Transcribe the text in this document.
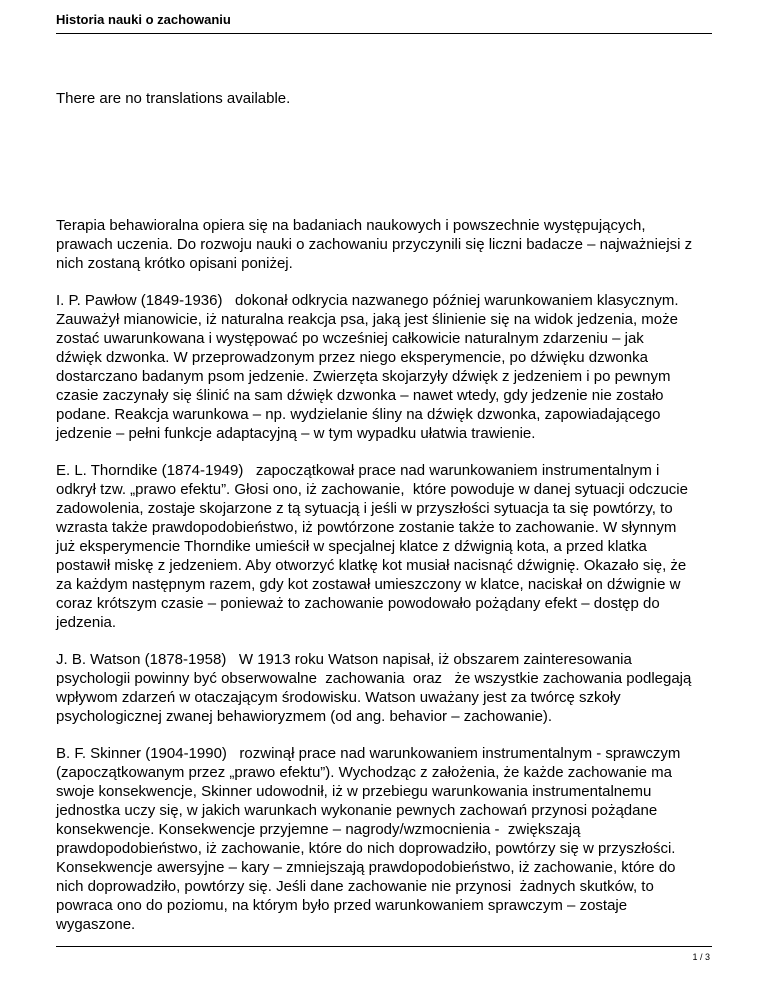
Historia nauki o zachowaniu
There are no translations available.

Terapia behawioralna opiera się na badaniach naukowych i powszechnie występujących,
prawach uczenia. Do rozwoju nauki o zachowaniu przyczynili się liczni badacze – najważniejsi z
nich zostaną krótko opisani poniżej.

I. P. Pawłow (1849-1936)   dokonał odkrycia nazwanego później warunkowaniem klasycznym.
Zauważył mianowicie, iż naturalna reakcja psa, jaką jest ślinienie się na widok jedzenia, może
zostać uwarunkowana i występować po wcześniej całkowicie naturalnym zdarzeniu – jak
dźwięk dzwonka. W przeprowadzonym przez niego eksperymencie, po dźwięku dzwonka
dostarczano badanym psom jedzenie. Zwierzęta skojarzyły dźwięk z jedzeniem i po pewnym
czasie zaczynały się ślinić na sam dźwięk dzwonka – nawet wtedy, gdy jedzenie nie zostało
podane. Reakcja warunkowa – np. wydzielanie śliny na dźwięk dzwonka, zapowiadającego
jedzenie – pełni funkcje adaptacyjną – w tym wypadku ułatwia trawienie.

E. L. Thorndike (1874-1949)   zapoczątkował prace nad warunkowaniem instrumentalnym i
odkrył tzw. „prawo efektu”. Głosi ono, iż zachowanie,  które powoduje w danej sytuacji odczucie
zadowolenia, zostaje skojarzone z tą sytuacją i jeśli w przyszłości sytuacja ta się powtórzy, to
wzrasta także prawdopodobieństwo, iż powtórzone zostanie także to zachowanie. W słynnym
już eksperymencie Thorndike umieścił w specjalnej klatce z dźwignią kota, a przed klatka
postawił miskę z jedzeniem. Aby otworzyć klatkę kot musiał nacisnąć dźwignię. Okazało się, że
za każdym następnym razem, gdy kot zostawał umieszczony w klatce, naciskał on dźwignie w
coraz krótszym czasie – ponieważ to zachowanie powodowało pożądany efekt – dostęp do
jedzenia.

J. B. Watson (1878-1958)   W 1913 roku Watson napisał, iż obszarem zainteresowania
psychologii powinny być obserwowalne  zachowania  oraz   że wszystkie zachowania podlegają
wpływom zdarzeń w otaczającym środowisku. Watson uważany jest za twórcę szkoły
psychologicznej zwanej behawioryzmem (od ang. behavior – zachowanie).

B. F. Skinner (1904-1990)   rozwinął prace nad warunkowaniem instrumentalnym - sprawczym
(zapoczątkowanym przez „prawo efektu”). Wychodząc z założenia, że każde zachowanie ma
swoje konsekwencje, Skinner udowodnił, iż w przebiegu warunkowania instrumentalnemu
jednostka uczy się, w jakich warunkach wykonanie pewnych zachowań przynosi pożądane
konsekwencje. Konsekwencje przyjemne – nagrody/wzmocnienia -  zwiększają
prawdopodobieństwo, iż zachowanie, które do nich doprowadziło, powtórzy się w przyszłości.
Konsekwencje awersyjne – kary – zmniejszają prawdopodobieństwo, iż zachowanie, które do
nich doprowadziło, powtórzy się. Jeśli dane zachowanie nie przynosi  żadnych skutków, to
powraca ono do poziomu, na którym było przed warunkowaniem sprawczym – zostaje
wygaszone.

1 / 3
